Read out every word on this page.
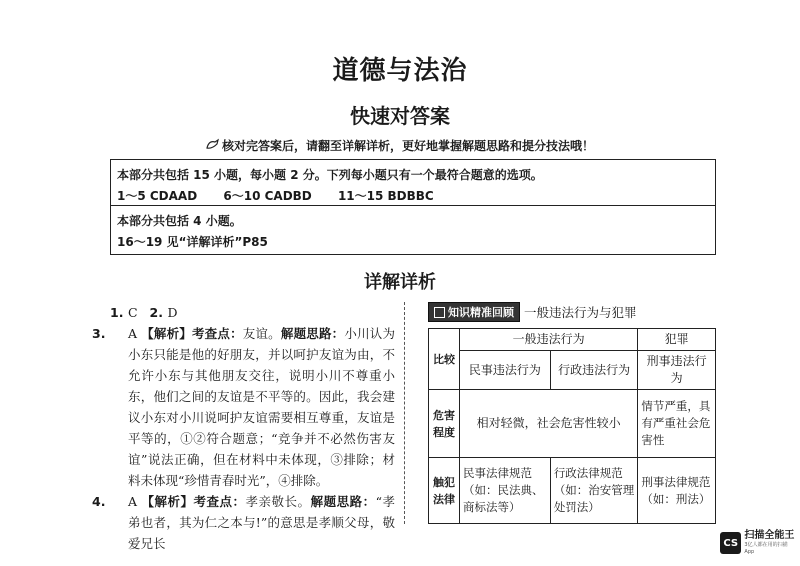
道德与法治
快速对答案
核对完答案后，请翻至详解详析，更好地掌握解题思路和提分技法哦！
本部分共包括 15 小题，每小题 2 分。下列每小题只有一个最符合题意的选项。
1～5 CDAAD 6～10 CADBD 11～15 BDBBC
本部分共包括 4 小题。
16～19 见“详解详析”P85
详解详析
1. C 2. D
3. A 【解析】考查点：友谊。解题思路：小川认为小东只能是他的好朋友，并以呵护友谊为由，不允许小东与其他朋友交往，说明小川不尊重小东，他们之间的友谊是不平等的。因此，我会建议小东对小川说呵护友谊需要相互尊重，友谊是平等的，①②符合题意；“竞争并不必然伤害友谊”说法正确，但在材料中未体现，③排除；材料未体现“珍惜青春时光”，④排除。
4. A 【解析】考查点：孝亲敬长。解题思路：“孝弟也者，其为仁之本与!”的意思是孝顺父母，敬爱兄长
知识精准回顾 一般违法行为与犯罪
比较	一般违法行为		犯罪
	民事违法行为	行政违法行为	刑事违法行为
危害程度	相对轻微，社会危害性较小		情节严重，具有严重社会危害性
触犯法律	民事法律规范（如：民法典、商标法等）	行政法律规范（如：治安管理处罚法）	刑事法律规范（如：刑法）
CS
扫描全能王
3亿人都在用的扫描App
